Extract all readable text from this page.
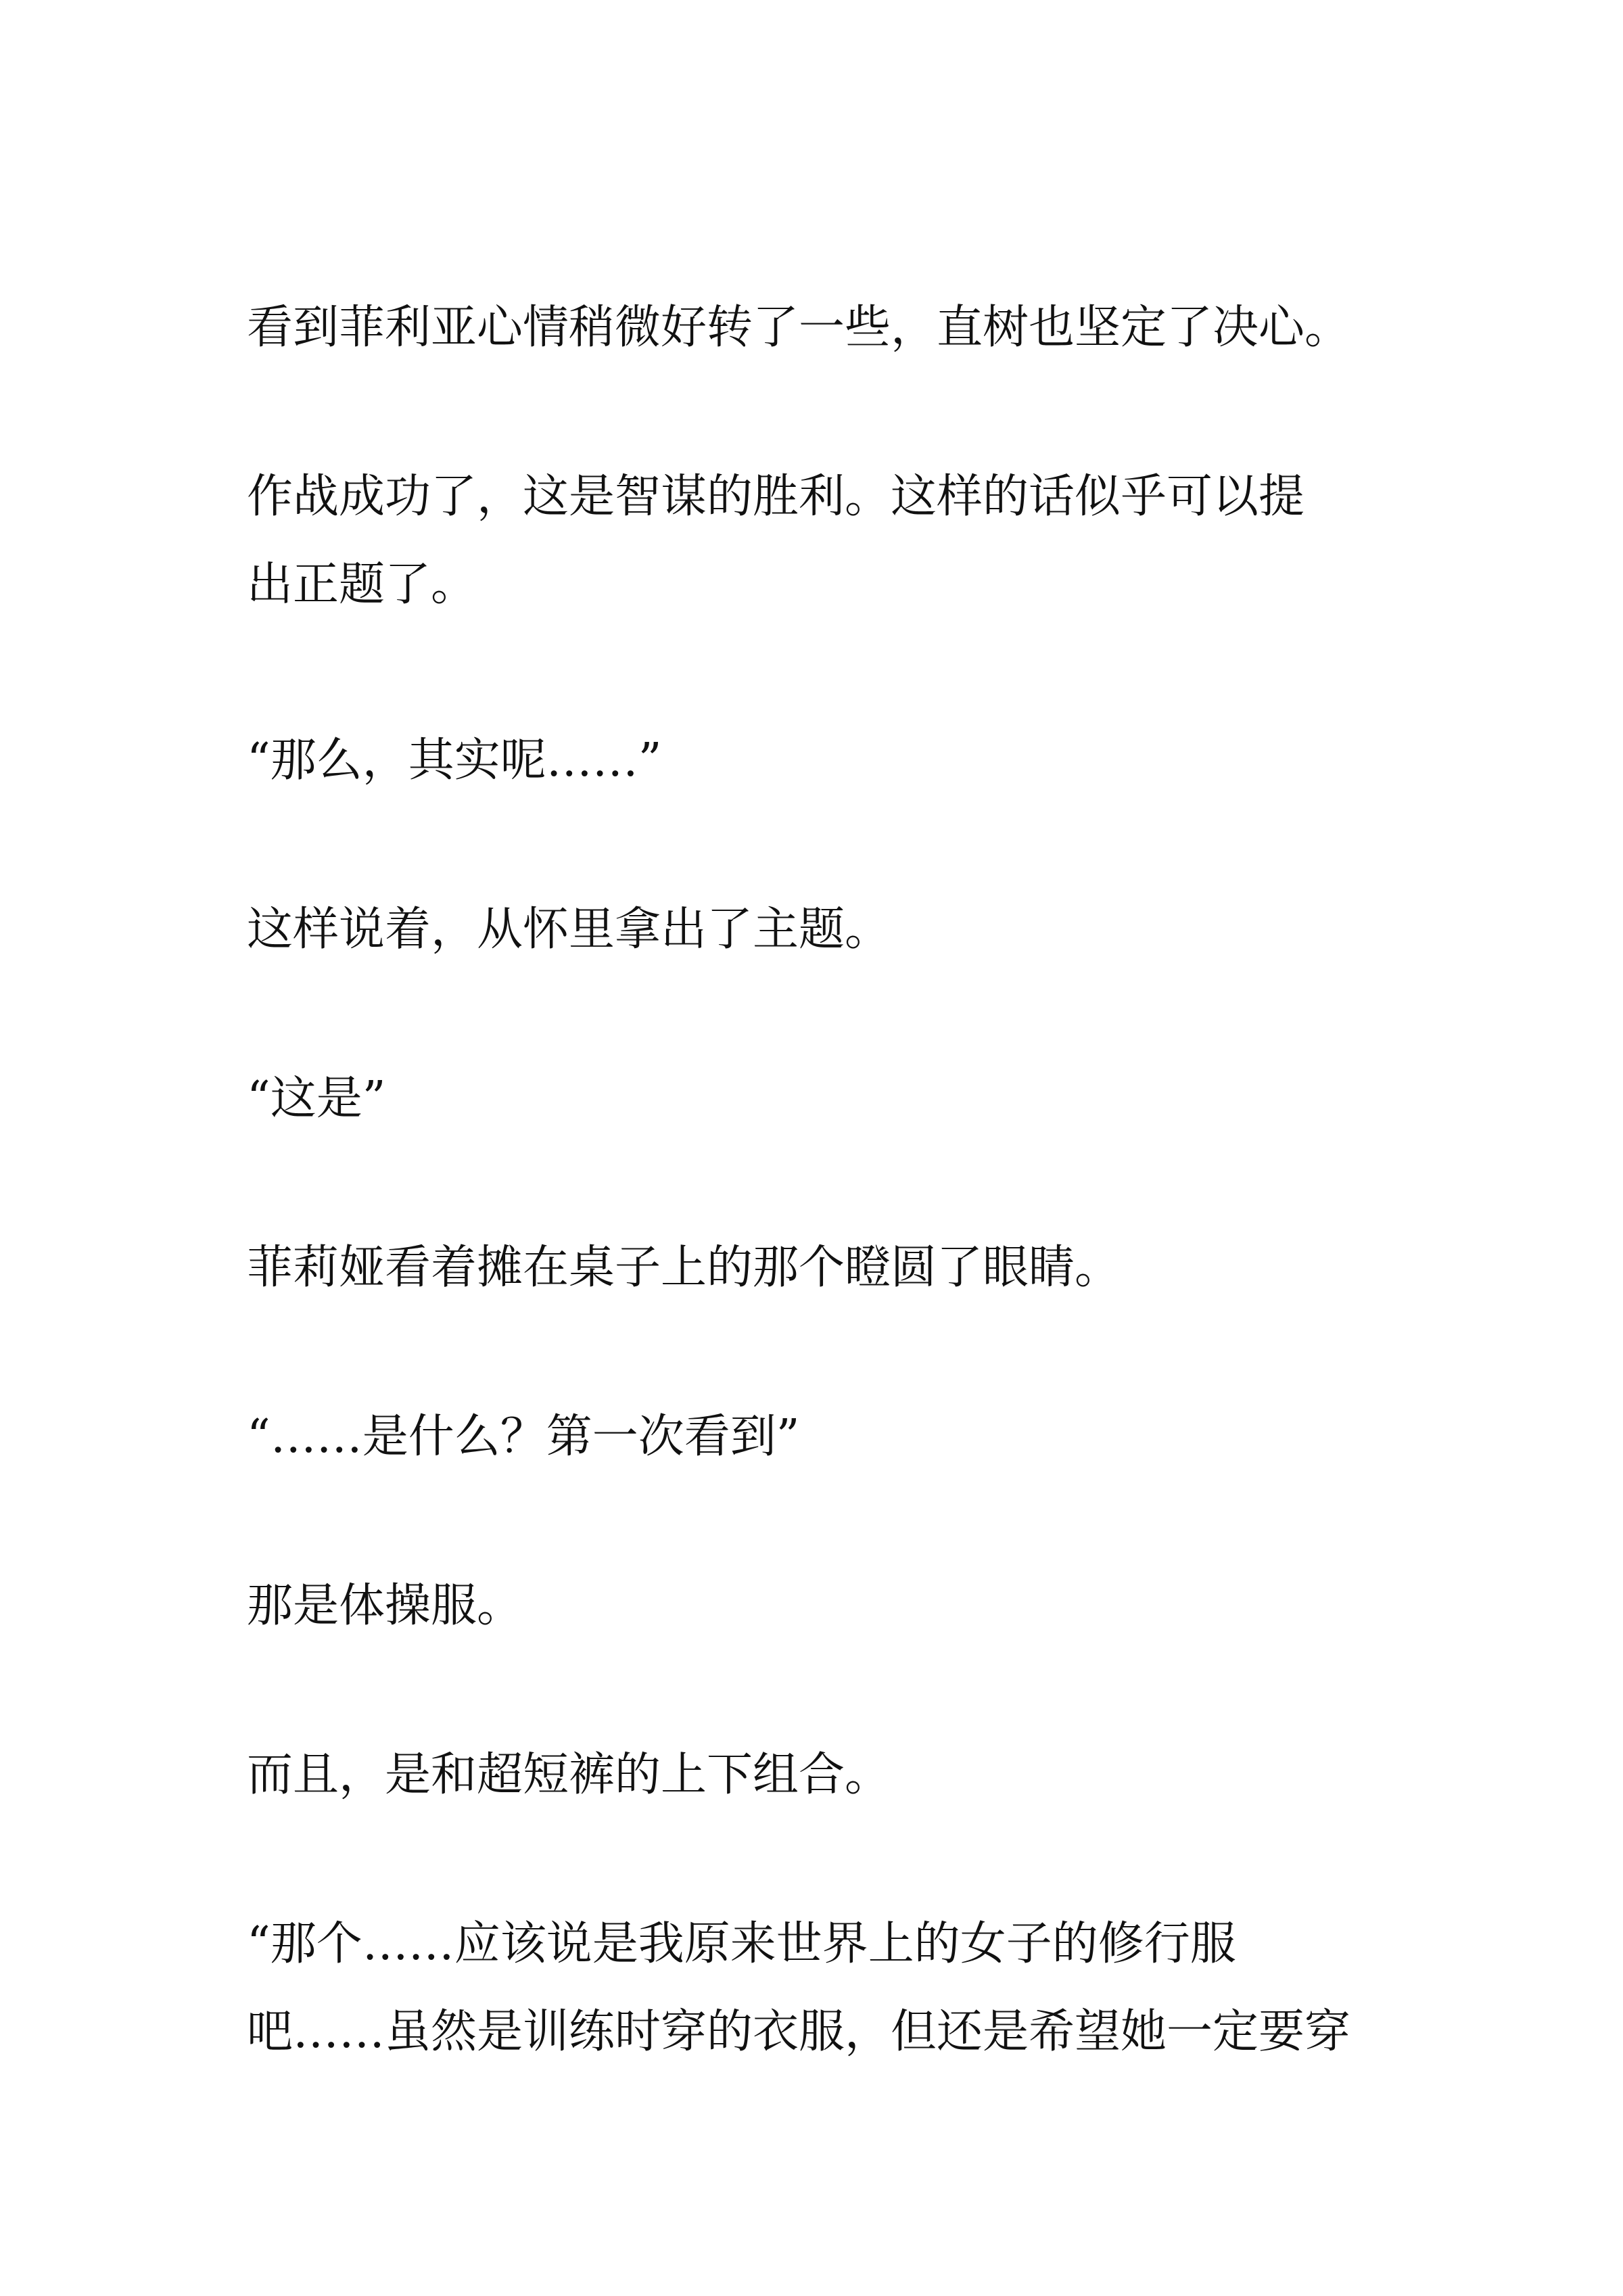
看到菲利亚心情稍微好转了一些，直树也坚定了决心。

作战成功了，这是智谋的胜利。这样的话似乎可以提
出正题了。

“那么，其实呢……”

这样说着，从怀里拿出了主题。

“这是”

菲莉娅看着摊在桌子上的那个瞪圆了眼睛。

“……是什么？第一次看到”

那是体操服。

而且，是和超短裤的上下组合。

“那个……应该说是我原来世界上的女子的修行服
吧……虽然是训练时穿的衣服，但还是希望她一定要穿
